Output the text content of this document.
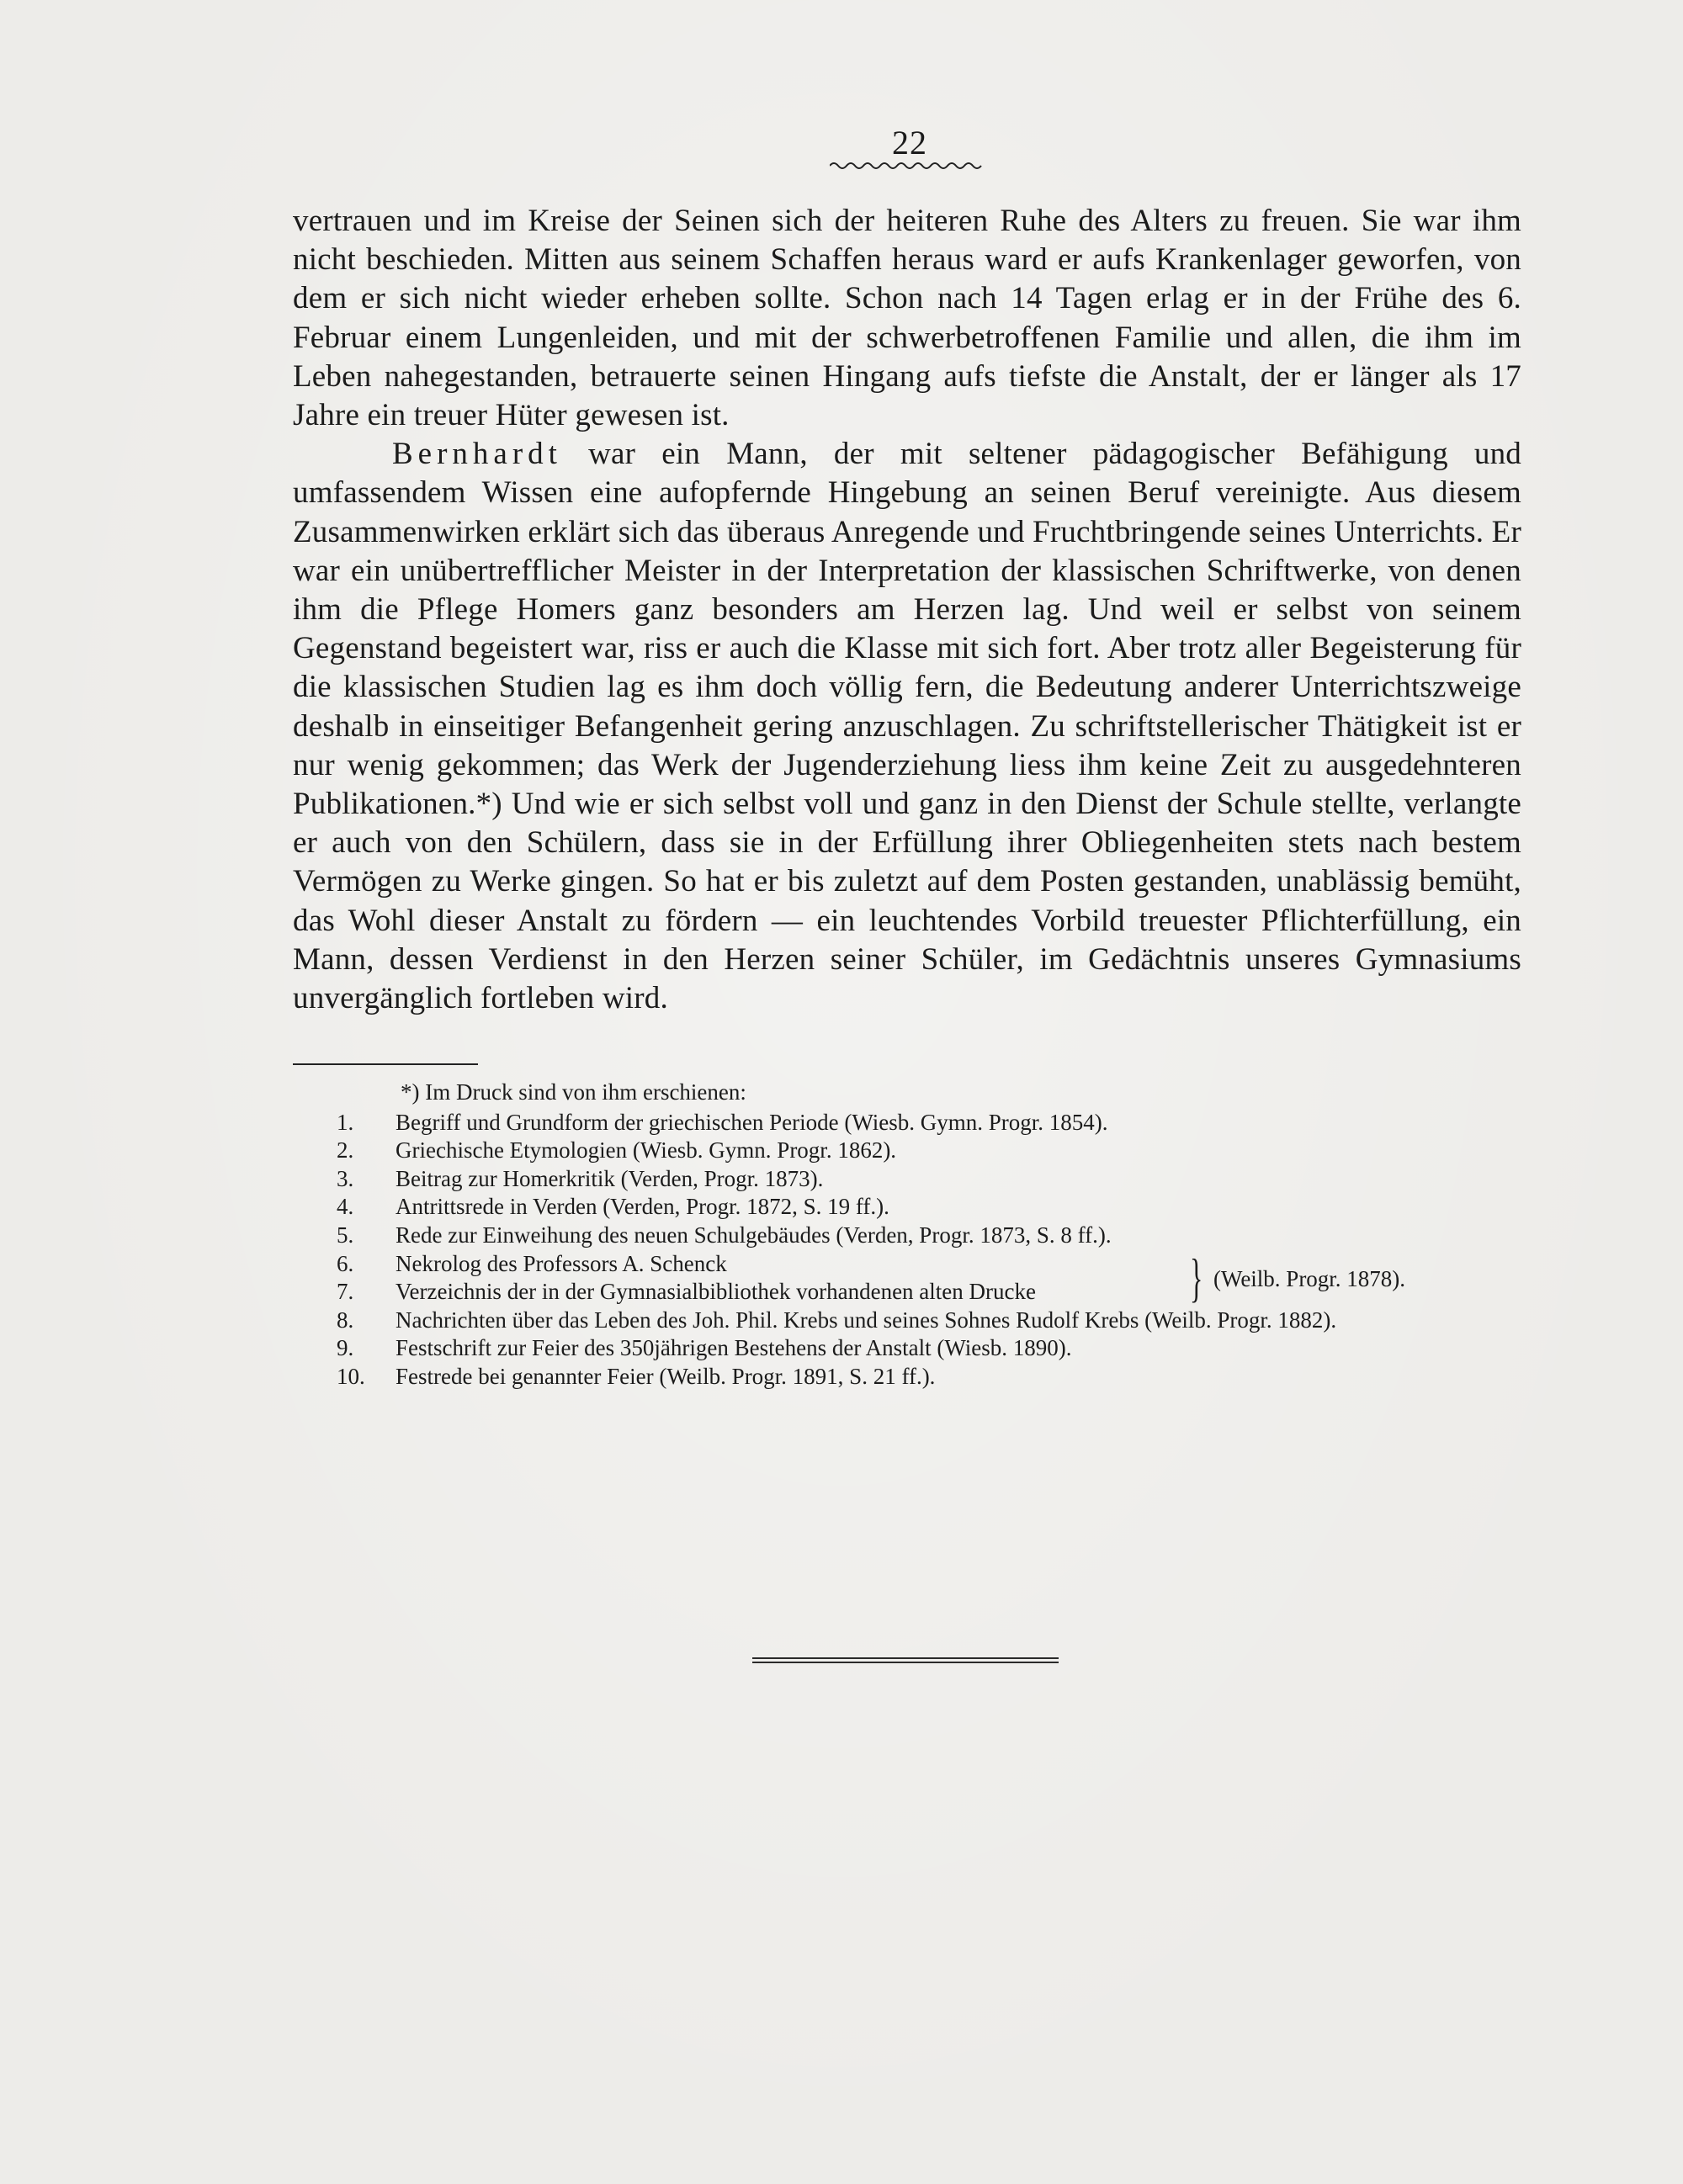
22

vertrauen und im Kreise der Seinen sich der heiteren Ruhe des Alters zu freuen. Sie war ihm nicht beschieden. Mitten aus seinem Schaffen heraus ward er aufs Krankenlager geworfen, von dem er sich nicht wieder erheben sollte. Schon nach 14 Tagen erlag er in der Frühe des 6. Februar einem Lungenleiden, und mit der schwerbetroffenen Familie und allen, die ihm im Leben nahegestanden, betrauerte seinen Hingang aufs tiefste die Anstalt, der er länger als 17 Jahre ein treuer Hüter gewesen ist.

Bernhardt war ein Mann, der mit seltener pädagogischer Befähigung und umfassendem Wissen eine aufopfernde Hingebung an seinen Beruf vereinigte. Aus diesem Zusammenwirken erklärt sich das überaus Anregende und Fruchtbringende seines Unterrichts. Er war ein unübertrefflicher Meister in der Interpretation der klassischen Schriftwerke, von denen ihm die Pflege Homers ganz besonders am Herzen lag. Und weil er selbst von seinem Gegenstand begeistert war, riss er auch die Klasse mit sich fort. Aber trotz aller Begeisterung für die klassischen Studien lag es ihm doch völlig fern, die Bedeutung anderer Unterrichtszweige deshalb in einseitiger Befangenheit gering anzuschlagen. Zu schriftstellerischer Thätigkeit ist er nur wenig gekommen; das Werk der Jugenderziehung liess ihm keine Zeit zu ausgedehnteren Publikationen.*) Und wie er sich selbst voll und ganz in den Dienst der Schule stellte, verlangte er auch von den Schülern, dass sie in der Erfüllung ihrer Obliegenheiten stets nach bestem Vermögen zu Werke gingen. So hat er bis zuletzt auf dem Posten gestanden, unablässig bemüht, das Wohl dieser Anstalt zu fördern — ein leuchtendes Vorbild treuester Pflichterfüllung, ein Mann, dessen Verdienst in den Herzen seiner Schüler, im Gedächtnis unseres Gymnasiums unvergänglich fortleben wird.

*) Im Druck sind von ihm erschienen:
1.	Begriff und Grundform der griechischen Periode (Wiesb. Gymn. Progr. 1854).
2.	Griechische Etymologien (Wiesb. Gymn. Progr. 1862).
3.	Beitrag zur Homerkritik (Verden, Progr. 1873).
4.	Antrittsrede in Verden (Verden, Progr. 1872, S. 19 ff.).
5.	Rede zur Einweihung des neuen Schulgebäudes (Verden, Progr. 1873, S. 8 ff.).
6.	Nekrolog des Professors A. Schenck
7.	Verzeichnis der in der Gymnasialbibliothek vorhandenen alten Drucke	} (Weilb. Progr. 1878).
8.	Nachrichten über das Leben des Joh. Phil. Krebs und seines Sohnes Rudolf Krebs (Weilb. Progr. 1882).
9.	Festschrift zur Feier des 350jährigen Bestehens der Anstalt (Wiesb. 1890).
10.	Festrede bei genannter Feier (Weilb. Progr. 1891, S. 21 ff.).
